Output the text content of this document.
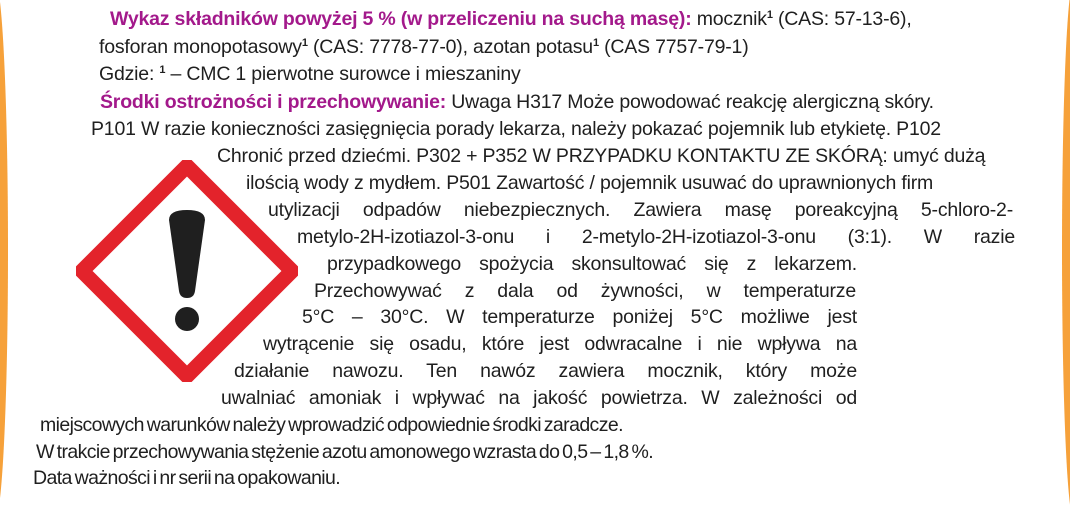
Wykaz składników powyżej 5 % (w przeliczeniu na suchą masę): mocznik$^1$ (CAS: 57-13-6),
fosforan monopotasowy$^1$ (CAS: 7778-77-0), azotan potasu$^1$ (CAS 7757-79-1)
Gdzie: $^1$ – CMC 1 pierwotne surowce i mieszaniny
Środki ostrożności i przechowywanie: Uwaga H317 Może powodować reakcję alergiczną skóry.
P101 W razie konieczności zasięgnięcia porady lekarza, należy pokazać pojemnik lub etykietę. P102
Chronić przed dziećmi. P302 + P352 W PRZYPADKU KONTAKTU ZE SKÓRĄ: umyć dużą
ilością wody z mydłem. P501 Zawartość / pojemnik usuwać do uprawnionych firm
utylizacji odpadów niebezpiecznych. Zawiera masę poreakcyjną 5-chloro-2-
metylo-2H-izotiazol-3-onu i 2-metylo-2H-izotiazol-3-onu (3:1). W razie
przypadkowego spożycia skonsultować się z lekarzem.
Przechowywać z dala od żywności, w temperaturze
5°C – 30°C. W temperaturze poniżej 5°C możliwe jest
wytrącenie się osadu, które jest odwracalne i nie wpływa na
działanie nawozu. Ten nawóz zawiera mocznik, który może
uwalniać amoniak i wpływać na jakość powietrza. W zależności od
miejscowych warunków należy wprowadzić odpowiednie środki zaradcze.
W trakcie przechowywania stężenie azotu amonowego wzrasta do 0,5 – 1,8 %.
Data ważności i nr serii na opakowaniu.
